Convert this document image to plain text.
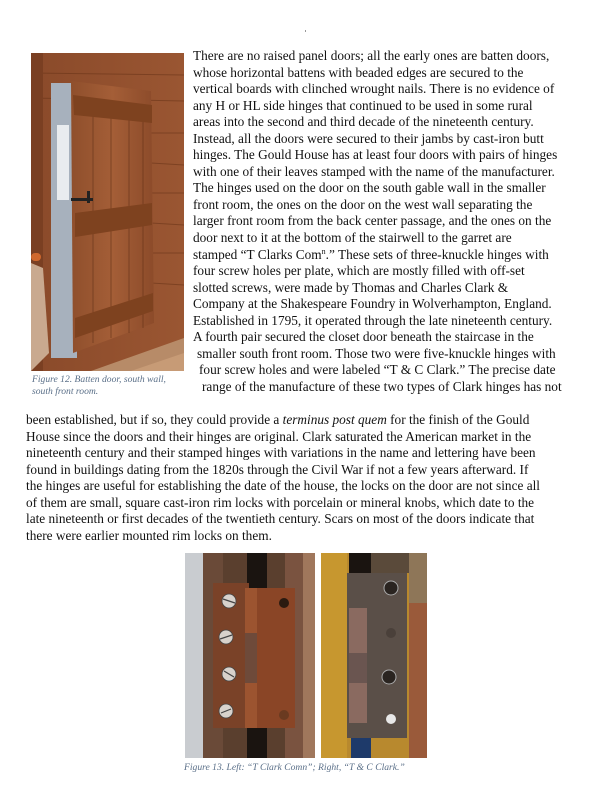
Figure 12. Batten door, south wall,
south front room.
There are no raised panel doors; all the early ones are batten doors,
whose horizontal battens with beaded edges are secured to the
vertical boards with clinched wrought nails. There is no evidence of
any H or HL side hinges that continued to be used in some rural
areas into the second and third decade of the nineteenth century.
Instead, all the doors were secured to their jambs by cast-iron butt
hinges. The Gould House has at least four doors with pairs of hinges
with one of their leaves stamped with the name of the manufacturer.
The hinges used on the door on the south gable wall in the smaller
front room, the ones on the door on the west wall separating the
larger front room from the back center passage, and the ones on the
door next to it at the bottom of the stairwell to the garret are
stamped “T Clarks Com$^n$.” These sets of three-knuckle hinges with
four screw holes per plate, which are mostly filled with off-set
slotted screws, were made by Thomas and Charles Clark &
Company at the Shakespeare Foundry in Wolverhampton, England.
Established in 1795, it operated through the late nineteenth century.
A fourth pair secured the closet door beneath the staircase in the
smaller south front room. Those two were five-knuckle hinges with
four screw holes and were labeled “T & C Clark.” The precise date
range of the manufacture of these two types of Clark hinges has not
been established, but if so, they could provide a terminus post quem for the finish of the Gould
House since the doors and their hinges are original. Clark saturated the American market in the
nineteenth century and their stamped hinges with variations in the name and lettering have been
found in buildings dating from the 1820s through the Civil War if not a few years afterward. If
the hinges are useful for establishing the date of the house, the locks on the door are not since all
of them are small, square cast-iron rim locks with porcelain or mineral knobs, which date to the
late nineteenth or first decades of the twentieth century. Scars on most of the doors indicate that
there were earlier mounted rim locks on them.
Figure 13. Left: “T Clark Comn”; Right, “T & C Clark.”
